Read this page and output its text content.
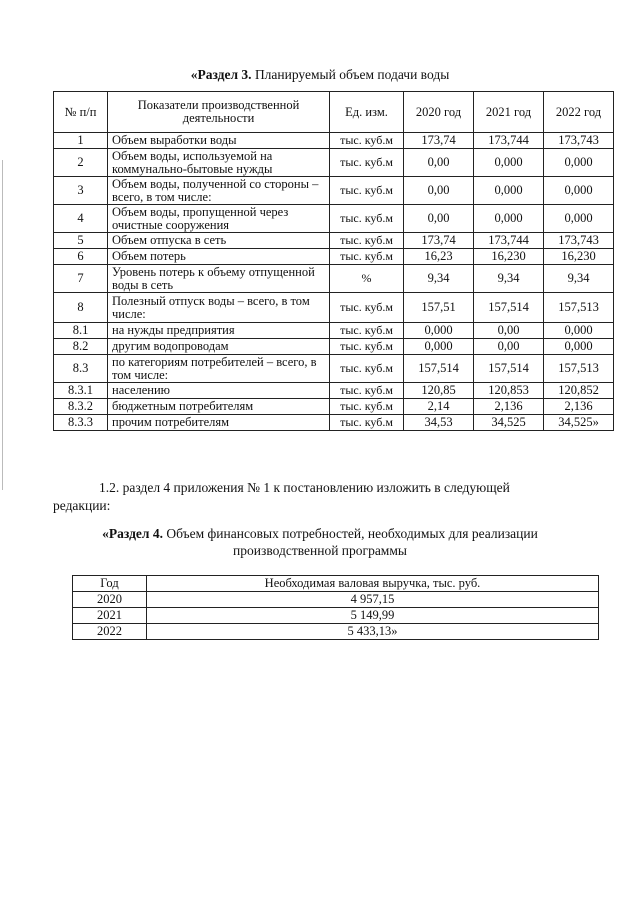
«Раздел 3. Планируемый объем подачи воды
№ п/п	Показатели производственной деятельности	Ед. изм.	2020 год	2021 год	2022 год
1	Объем выработки воды	тыс. куб.м	173,74	173,744	173,743
2	Объем воды, используемой на коммунально-бытовые нужды	тыс. куб.м	0,00	0,000	0,000
3	Объем воды, полученной со стороны – всего, в том числе:	тыс. куб.м	0,00	0,000	0,000
4	Объем воды, пропущенной через очистные сооружения	тыс. куб.м	0,00	0,000	0,000
5	Объем отпуска в сеть	тыс. куб.м	173,74	173,744	173,743
6	Объем потерь	тыс. куб.м	16,23	16,230	16,230
7	Уровень потерь к объему отпущенной воды в сеть	%	9,34	9,34	9,34
8	Полезный отпуск воды – всего, в том числе:	тыс. куб.м	157,51	157,514	157,513
8.1	на нужды предприятия	тыс. куб.м	0,000	0,00	0,000
8.2	другим водопроводам	тыс. куб.м	0,000	0,00	0,000
8.3	по категориям потребителей – всего, в том числе:	тыс. куб.м	157,514	157,514	157,513
8.3.1	населению	тыс. куб.м	120,85	120,853	120,852
8.3.2	бюджетным потребителям	тыс. куб.м	2,14	2,136	2,136
8.3.3	прочим потребителям	тыс. куб.м	34,53	34,525	34,525»
1.2. раздел 4 приложения № 1 к постановлению изложить в следующей
редакции:
«Раздел 4. Объем финансовых потребностей, необходимых для реализации
производственной программы
Год	Необходимая валовая выручка, тыс. руб.
2020	4 957,15
2021	5 149,99
2022	5 433,13»
